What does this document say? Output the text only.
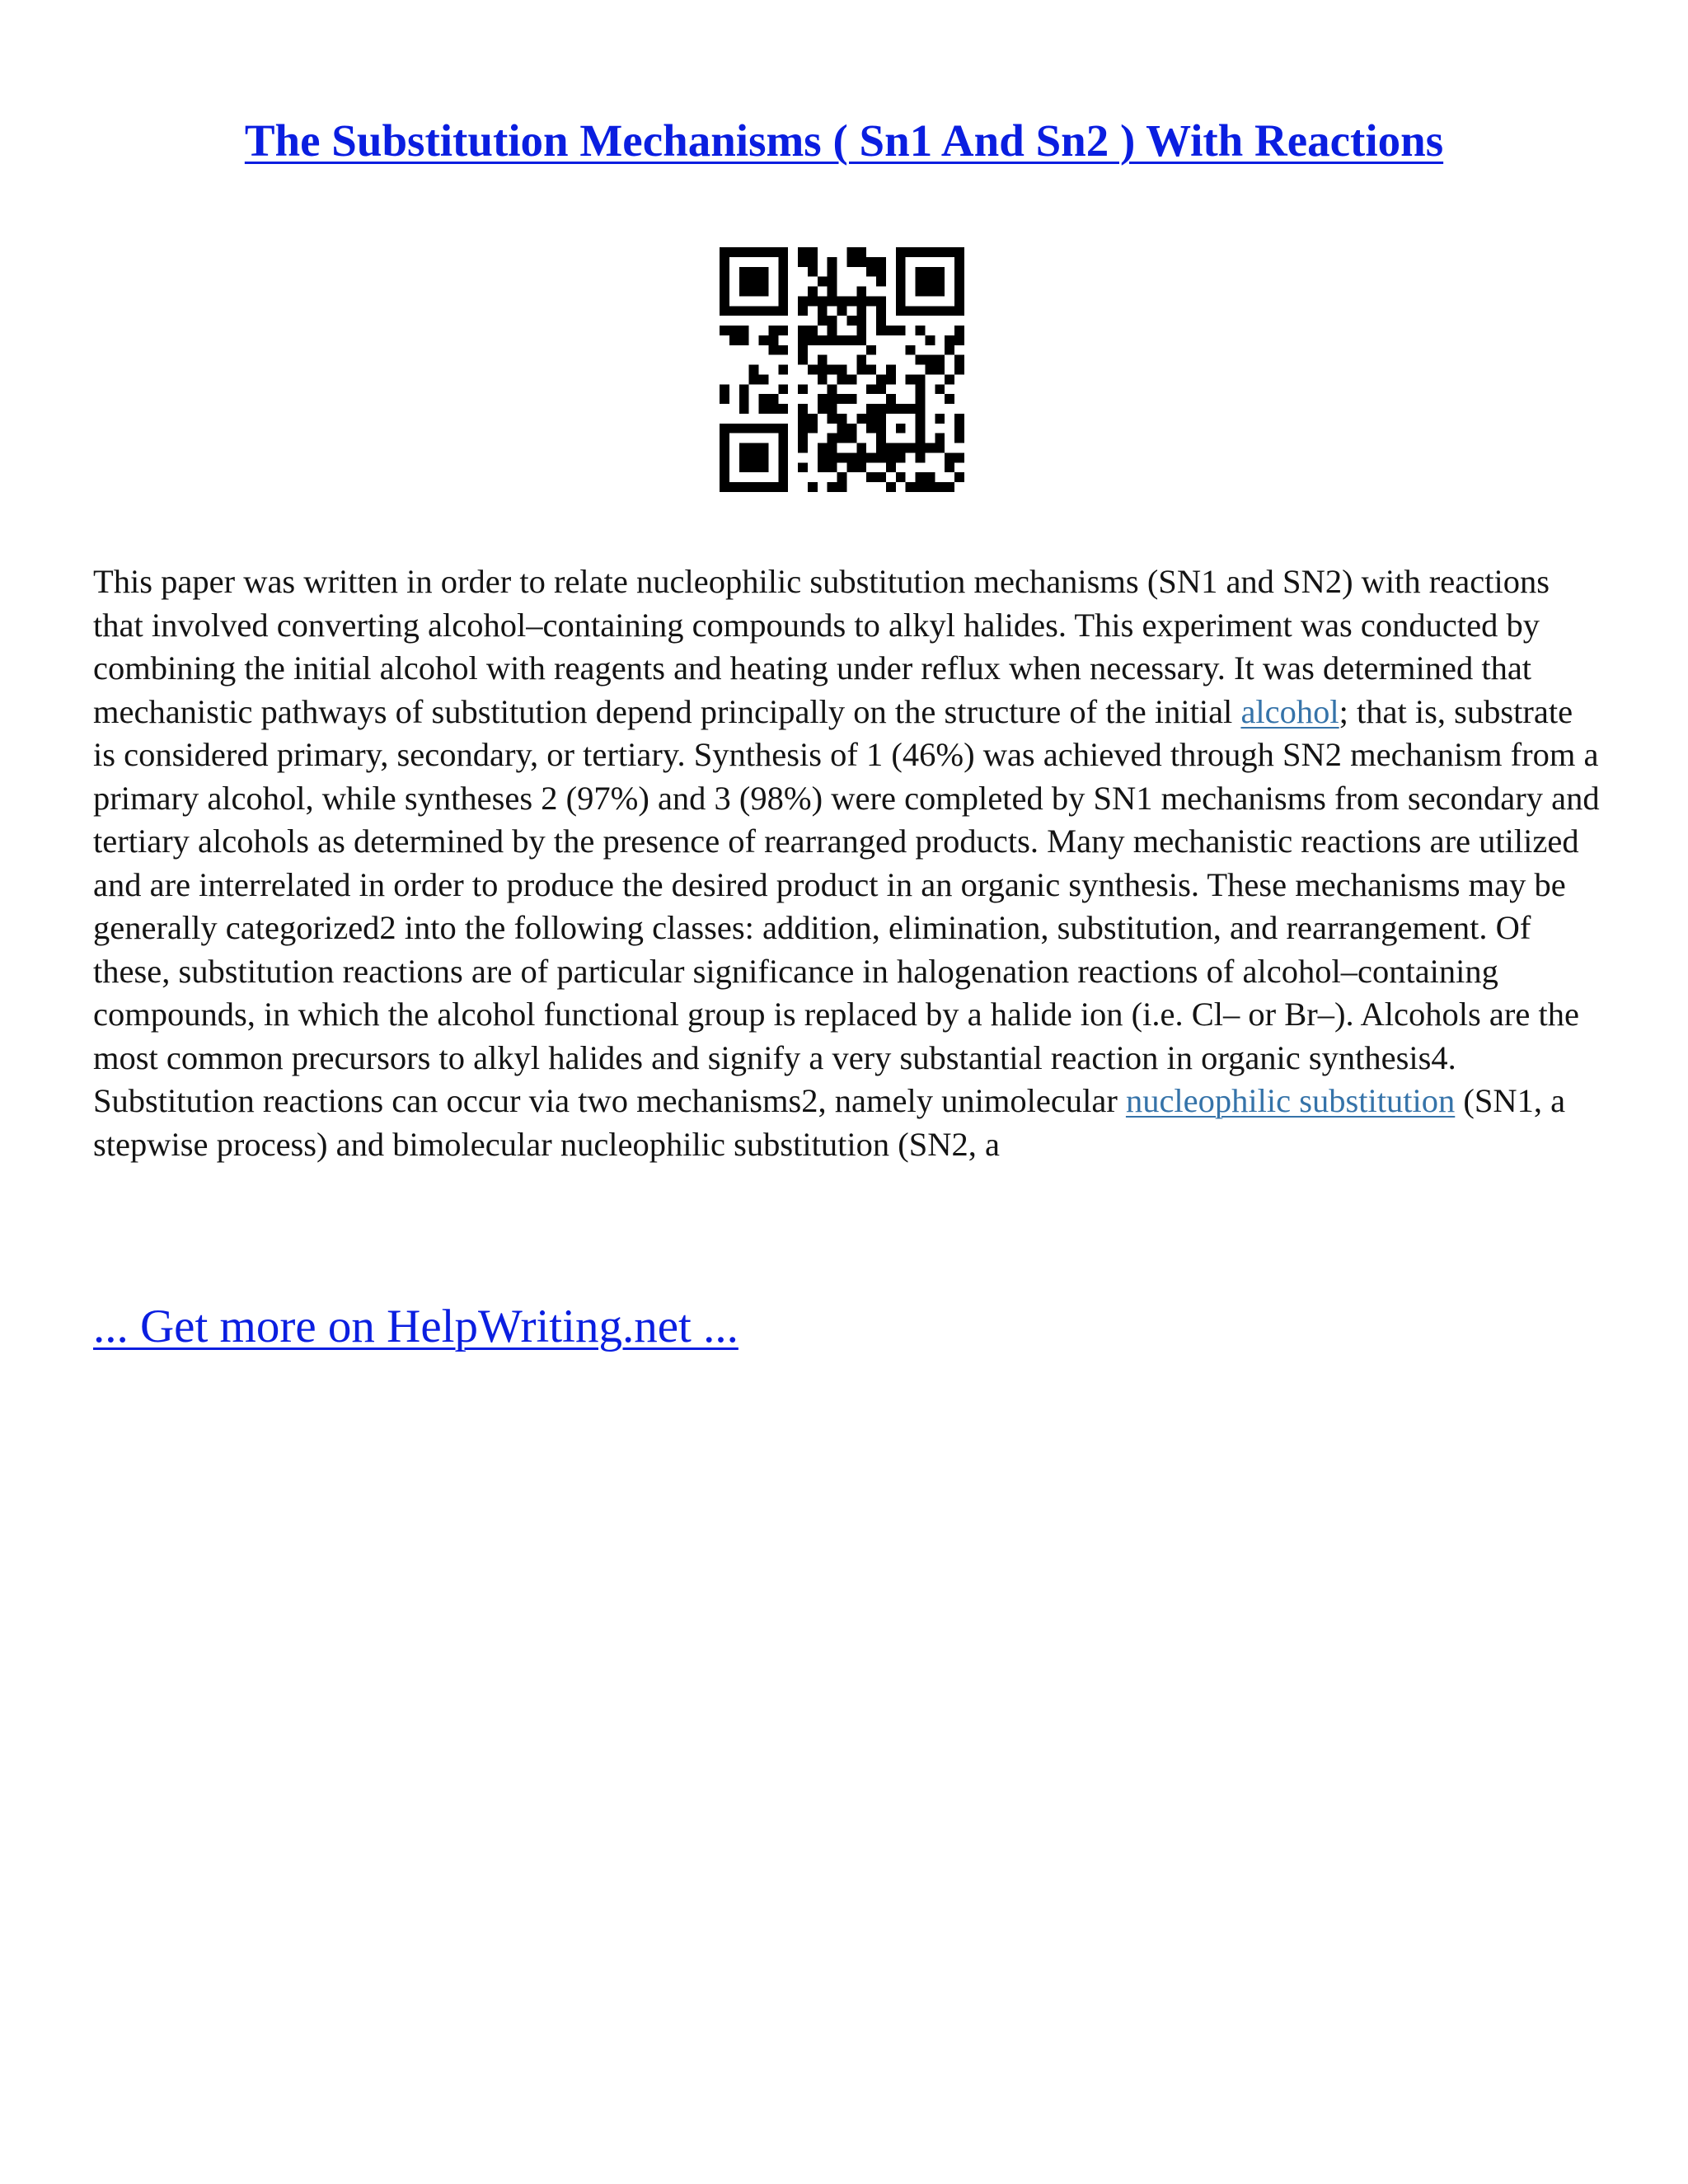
The Substitution Mechanisms ( Sn1 And Sn2 ) With Reactions

This paper was written in order to relate nucleophilic substitution mechanisms (SN1 and SN2) with reactions that involved converting alcohol–containing compounds to alkyl halides. This experiment was conducted by combining the initial alcohol with reagents and heating under reflux when necessary. It was determined that mechanistic pathways of substitution depend principally on the structure of the initial alcohol; that is, substrate is considered primary, secondary, or tertiary. Synthesis of 1 (46%) was achieved through SN2 mechanism from a primary alcohol, while syntheses 2 (97%) and 3 (98%) were completed by SN1 mechanisms from secondary and tertiary alcohols as determined by the presence of rearranged products. Many mechanistic reactions are utilized and are interrelated in order to produce the desired product in an organic synthesis. These mechanisms may be generally categorized2 into the following classes: addition, elimination, substitution, and rearrangement. Of these, substitution reactions are of particular significance in halogenation reactions of alcohol–containing compounds, in which the alcohol functional group is replaced by a halide ion (i.e. Cl– or Br–). Alcohols are the most common precursors to alkyl halides and signify a very substantial reaction in organic synthesis4. Substitution reactions can occur via two mechanisms2, namely unimolecular nucleophilic substitution (SN1, a stepwise process) and bimolecular nucleophilic substitution (SN2, a

... Get more on HelpWriting.net ...
